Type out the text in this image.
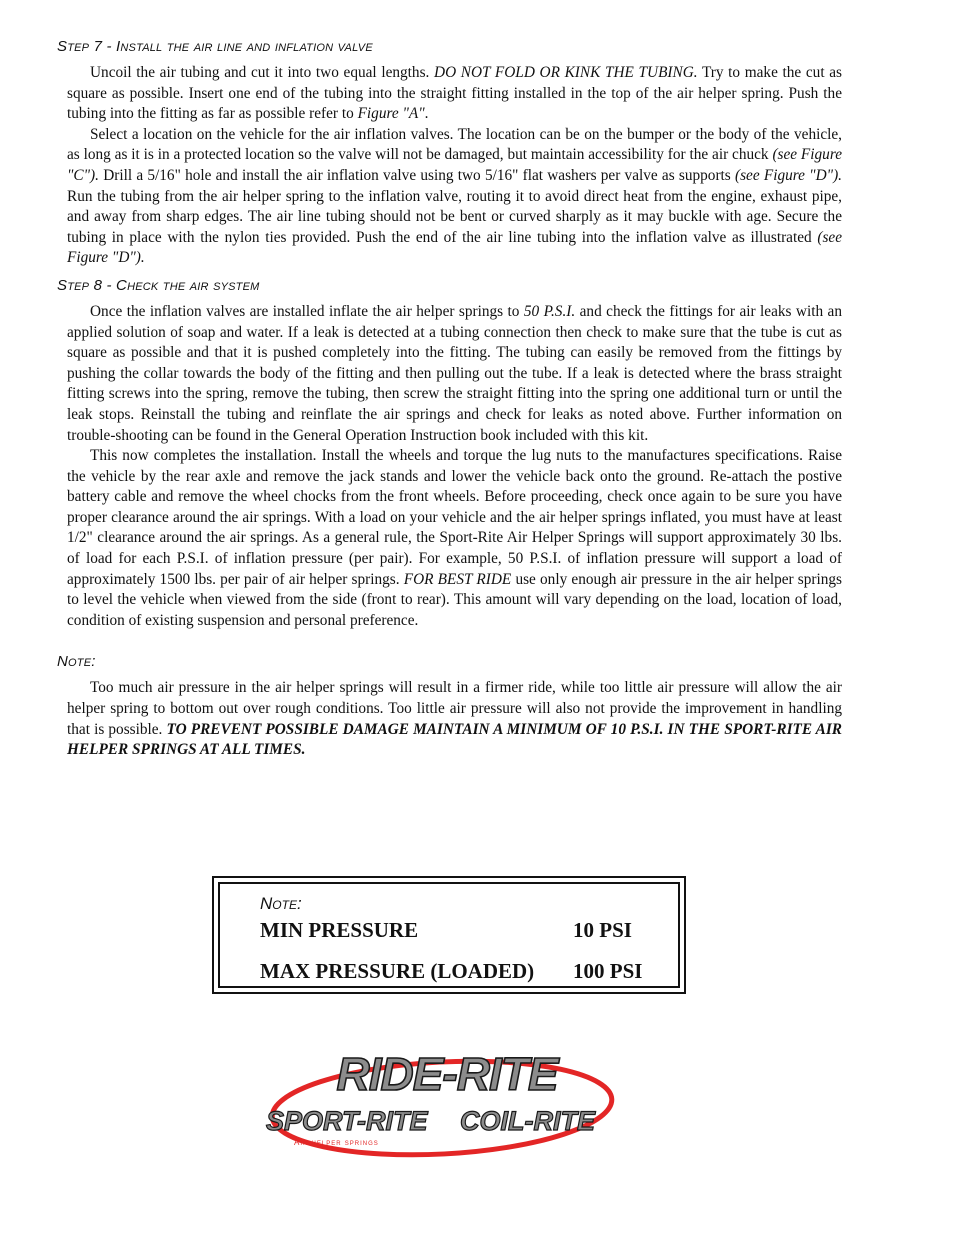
Step 7 - Install the air line and inflation valve

Uncoil the air tubing and cut it into two equal lengths. DO NOT FOLD OR KINK THE TUBING. Try to make the cut as square as possible. Insert one end of the tubing into the straight fitting installed in the top of the air helper spring. Push the tubing into the fitting as far as possible refer to Figure "A".

Select a location on the vehicle for the air inflation valves. The location can be on the bumper or the body of the vehicle, as long as it is in a protected location so the valve will not be damaged, but maintain accessibility for the air chuck (see Figure "C"). Drill a 5/16" hole and install the air inflation valve using two 5/16" flat washers per valve as supports (see Figure "D"). Run the tubing from the air helper spring to the inflation valve, routing it to avoid direct heat from the engine, exhaust pipe, and away from sharp edges. The air line tubing should not be bent or curved sharply as it may buckle with age. Secure the tubing in place with the nylon ties provided. Push the end of the air line tubing into the inflation valve as illustrated (see Figure "D").

Step 8 - Check the air system

Once the inflation valves are installed inflate the air helper springs to 50 P.S.I. and check the fittings for air leaks with an applied solution of soap and water. If a leak is detected at a tubing connection then check to make sure that the tube is cut as square as possible and that it is pushed completely into the fitting. The tubing can easily be removed from the fittings by pushing the collar towards the body of the fitting and then pulling out the tube. If a leak is detected where the brass straight fitting screws into the spring, remove the tubing, then screw the straight fitting into the spring one additional turn or until the leak stops. Reinstall the tubing and reinflate the air springs and check for leaks as noted above. Further information on trouble-shooting can be found in the General Operation Instruction book included with this kit.

This now completes the installation. Install the wheels and torque the lug nuts to the manufactures specifications. Raise the vehicle by the rear axle and remove the jack stands and lower the vehicle back onto the ground. Re-attach the postive battery cable and remove the wheel chocks from the front wheels. Before proceeding, check once again to be sure you have proper clearance around the air springs. With a load on your vehicle and the air helper springs inflated, you must have at least 1/2" clearance around the air springs. As a general rule, the Sport-Rite Air Helper Springs will support approximately 30 lbs. of load for each P.S.I. of inflation pressure (per pair). For example, 50 P.S.I. of inflation pressure will support a load of approximately 1500 lbs. per pair of air helper springs. FOR BEST RIDE use only enough air pressure in the air helper springs to level the vehicle when viewed from the side (front to rear). This amount will vary depending on the load, location of load, condition of existing suspension and personal preference.

Note:

Too much air pressure in the air helper springs will result in a firmer ride, while too little air pressure will allow the air helper spring to bottom out over rough conditions. Too little air pressure will also not provide the improvement in handling that is possible. TO PREVENT POSSIBLE DAMAGE MAINTAIN A MINIMUM OF 10 P.S.I. IN THE SPORT-RITE AIR HELPER SPRINGS AT ALL TIMES.

Note:
MIN PRESSURE	10 PSI
MAX PRESSURE (LOADED) 100 PSI
RIDE-RITE
SPORT-RITE COIL-RITE
Air helper springs
